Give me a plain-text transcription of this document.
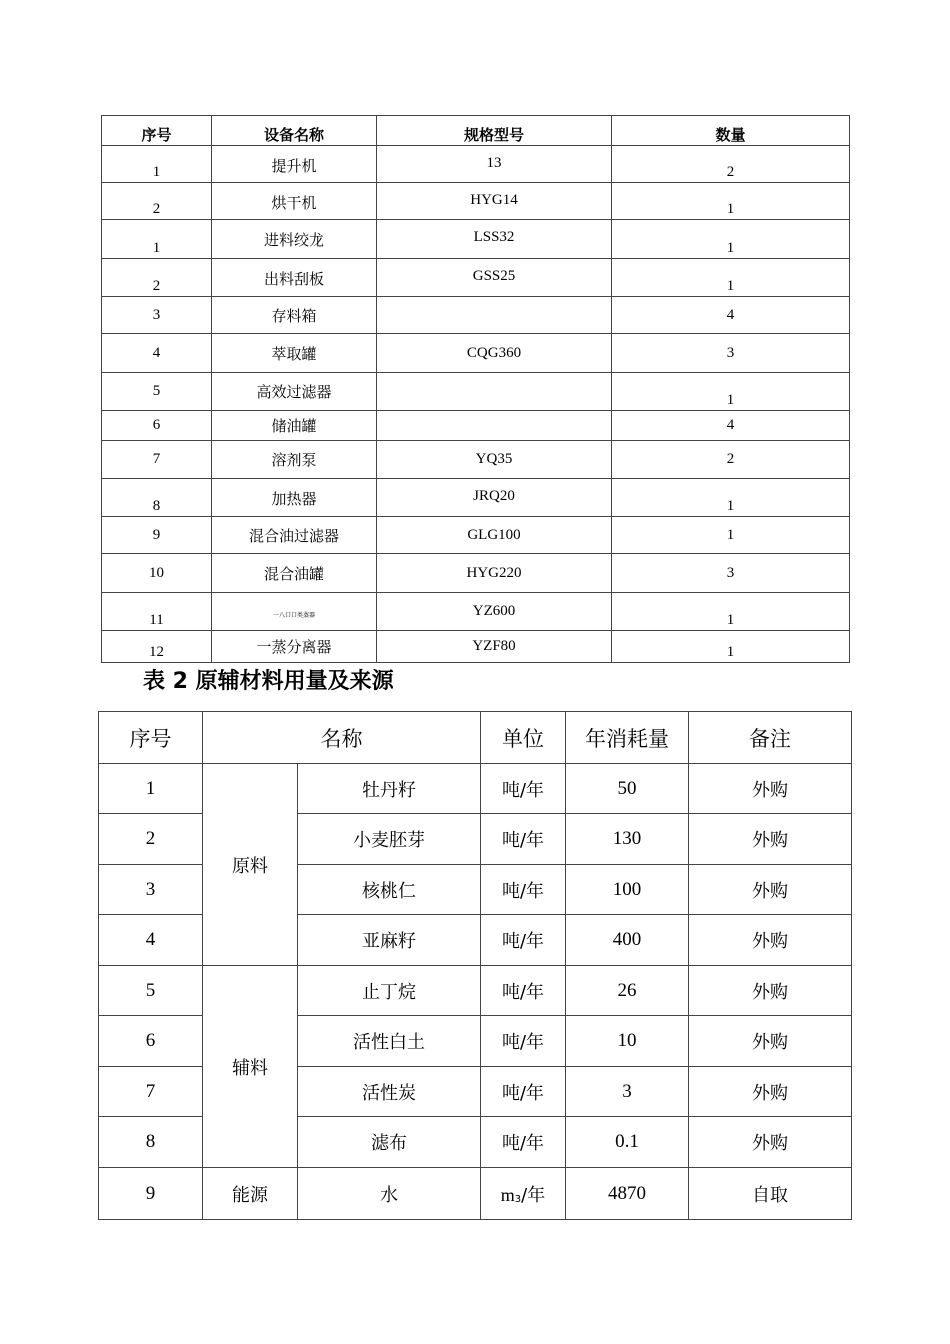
序号	设备名称	规格型号	数量
1	提升机	13	2
2	烘干机	HYG14	1
1	进料绞龙	LSS32	1
2	出料刮板	GSS25	1
3	存料箱		4
4	萃取罐	CQG360	3
5	高效过滤器		1
6	储油罐		4
7	溶剂泵	YQ35	2
8	加热器	JRQ20	1
9	混合油过滤器	GLG100	1
10	混合油罐	HYG220	3
11	一八口口类蒸器	YZ600	1
12	一蒸分离器	YZF80	1
表 2 原辅材料用量及来源
序号	名称		单位	年消耗量	备注
1	原料	牡丹籽	吨/年	50	外购
2		小麦胚芽	吨/年	130	外购
3		核桃仁	吨/年	100	外购
4		亚麻籽	吨/年	400	外购
5	辅料	止丁烷	吨/年	26	外购
6		活性白土	吨/年	10	外购
7		活性炭	吨/年	3	外购
8		滤布	吨/年	0.1	外购
9	能源	水	$m_3/$年	4870	自取
